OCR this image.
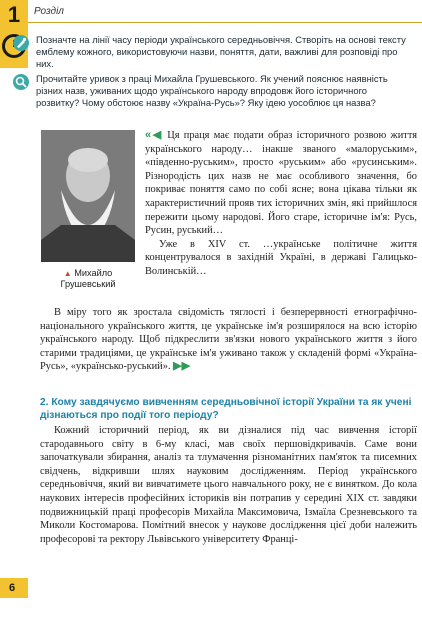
1	Розділ
Позначте на лінії часу періоди українського середньовіччя. Створіть на основі тексту емблему кожного, використовуючи назви, поняття, дати, важливі для розповіді про них.
Прочитайте уривок з праці Михайла Грушевського. Як учений пояснює наявність різних назв, уживаних щодо українського народу впродовж його історичного розвитку? Чому обстоює назву «Україна-Русь»? Яку ідею уособлює ця назва?
▲ Михайло Грушевський
«◀ Ця праця має подати образ історичного розвою життя українського народу… інакше званого «малоруським», «південно-руським», просто «руським» або «русинським». Різнородість цих назв не має особливого значення, бо покриває поняття само по собі ясне; вона цікава тільки як характеристичний прояв тих історичних змін, які прийшлося пережити цьому народові. Його старе, історичне ім'я: Русь, Русин, руський…
Уже в XIV ст. …українське політичне життя концентрувалося в західній Україні, в державі Галицько-Волинській…
В міру того як зростала свідомість тяглості і безперервності етнографічно-національного українського життя, це українське ім'я розширялося на всю історію українського народу. Щоб підкреслити зв'язки нового українського життя з його старими традиціями, це українське ім'я уживано також у складеній формі «Україна-Русь», «українсько-руський». ▶▶
2. Кому завдячуємо вивченням середньовічної історії України та як учені дізнаються про події того періоду?
Кожний історичний період, як ви дізналися під час вивчення історії стародавнього світу в 6-му класі, мав своїх першовідкривачів. Саме вони започаткували збирання, аналіз та тлумачення різноманітних пам'яток та писемних свідчень, відкривши шлях науковим дослідженням. Період українського середньовіччя, який ви вивчатимете цього навчального року, не є винятком. До кола наукових інтересів професійних істориків він потрапив у середині XIX ст. завдяки подвижницькій праці професорів Михайла Максимовича, Ізмаїла Срезневського та Миколи Костомарова. Помітний внесок у наукове дослідження цієї доби належить професорові та ректору Львівського університету Франці-
6
